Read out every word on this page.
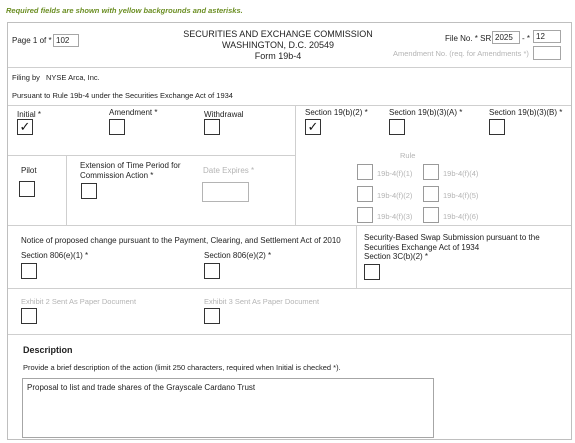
Required fields are shown with yellow backgrounds and asterisks.
Page 1 of * 102
SECURITIES AND EXCHANGE COMMISSION
WASHINGTON, D.C. 20549
Form 19b-4
File No. * SR 2025	- * 12
Amendment No. (req. for Amendments *)
Filing by NYSE Arca, Inc.
Pursuant to Rule 19b-4 under the Securities Exchange Act of 1934
Initial *
✓
Amendment *	Withdrawal	Section 19(b)(2) *
✓
Section 19(b)(3)(A) *	Section 19(b)(3)(B) *
Pilot
Extension of Time Period for
Commission Action *
Date Expires *
Rule
19b-4(f)(1)	19b-4(f)(4)
19b-4(f)(2)	19b-4(f)(5)
19b-4(f)(3)	19b-4(f)(6)
Notice of proposed change pursuant to the Payment, Clearing, and Settlement Act of 2010
Section 806(e)(1) *	Section 806(e)(2) *
Security-Based Swap Submission pursuant to the
Securities Exchange Act of 1934
Section 3C(b)(2) *
Exhibit 2 Sent As Paper Document	Exhibit 3 Sent As Paper Document
Description
Provide a brief description of the action (limit 250 characters, required when Initial is checked *).
Proposal to list and trade shares of the Grayscale Cardano Trust
